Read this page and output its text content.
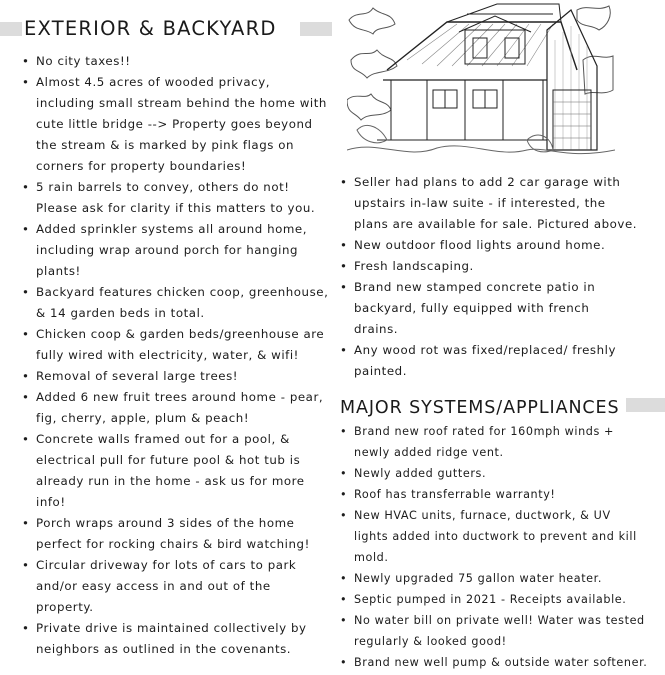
EXTERIOR & BACKYARD
• No city taxes!!
• Almost 4.5 acres of wooded privacy,
including small stream behind the home with
cute little bridge --> Property goes beyond
the stream & is marked by pink flags on
corners for property boundaries!
• 5 rain barrels to convey, others do not!
Please ask for clarity if this matters to you.
• Added sprinkler systems all around home,
including wrap around porch for hanging
plants!
• Backyard features chicken coop, greenhouse,
& 14 garden beds in total.
• Chicken coop & garden beds/greenhouse are
fully wired with electricity, water, & wifi!
• Removal of several large trees!
• Added 6 new fruit trees around home - pear,
fig, cherry, apple, plum & peach!
• Concrete walls framed out for a pool, &
electrical pull for future pool & hot tub is
already run in the home - ask us for more
info!
• Porch wraps around 3 sides of the home
perfect for rocking chairs & bird watching!
• Circular driveway for lots of cars to park
and/or easy access in and out of the
property.
• Private drive is maintained collectively by
neighbors as outlined in the covenants.
• Seller had plans to add 2 car garage with
upstairs in-law suite - if interested, the
plans are available for sale. Pictured above.
• New outdoor flood lights around home.
• Fresh landscaping.
• Brand new stamped concrete patio in
backyard, fully equipped with french
drains.
• Any wood rot was fixed/replaced/ freshly
painted.
MAJOR SYSTEMS/APPLIANCES
• Brand new roof rated for 160mph winds +
newly added ridge vent.
• Newly added gutters.
• Roof has transferrable warranty!
• New HVAC units, furnace, ductwork, & UV
lights added into ductwork to prevent and kill
mold.
• Newly upgraded 75 gallon water heater.
• Septic pumped in 2021 - Receipts available.
• No water bill on private well! Water was tested
regularly & looked good!
• Brand new well pump & outside water softener.
